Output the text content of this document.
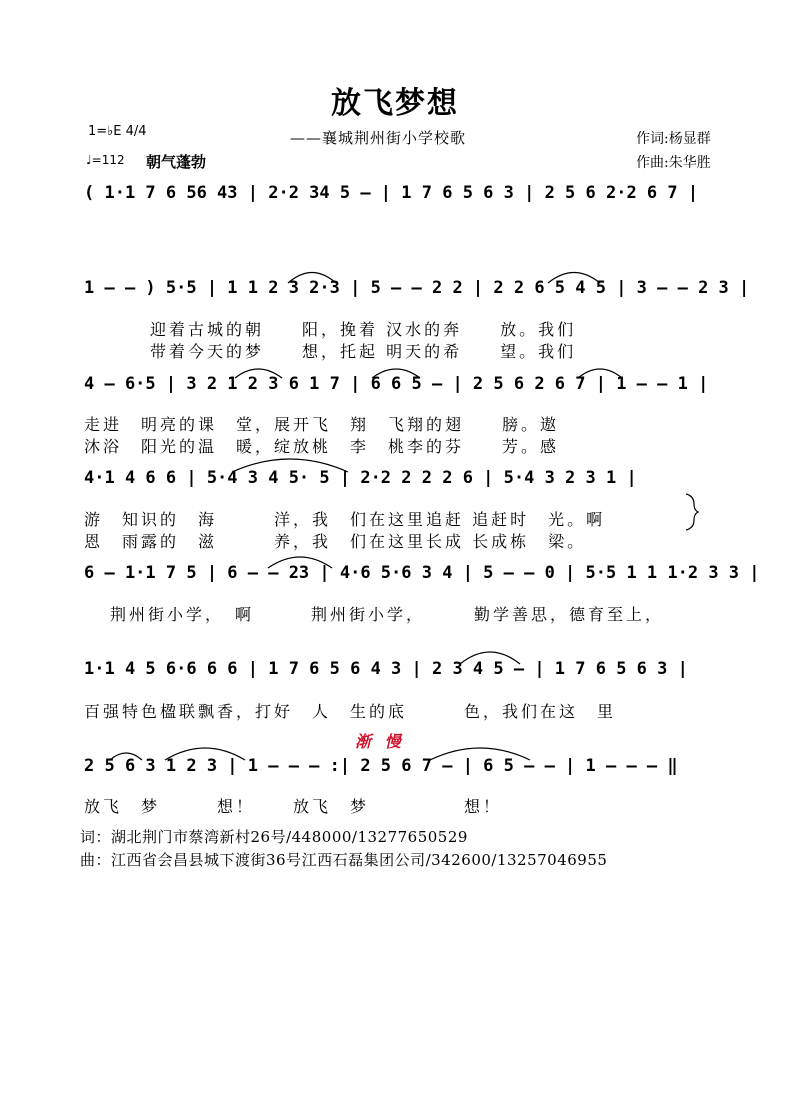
放飞梦想
——襄城荆州街小学校歌	作词:杨显群
作曲:朱华胜
1=♭E 4/4
♩=112 朝气蓬勃
( 1·1 7 6 56 43 | 2·2 34 5 – | 1 7 6 5 6 3 | 2 5 6 2·2 6 7 |
1 – – ) 5·5 | 1 1 2 3 2·3 | 5 – – 2 2 | 2 2 6 5 4 5 | 3 – – 2 3 |
迎着古城的朝　　阳，挽着 汉水的奔　　放。我们
带着今天的梦　　想，托起 明天的希　　望。我们
4 – 6·5 | 3 2 1 2 3 6 1 7 | 6 6 5 – | 2 5 6 2 6 7 | 1 – – 1 |
走进　明亮的课　堂，展开飞　翔　飞翔的翅　　膀。遨
沐浴　阳光的温　暖，绽放桃　李　桃李的芬　　芳。感
4·1 4 6 6 | 5·4 3 4 5· 5 | 2·2 2 2 2 6 | 5·4 3 2 3 1 |
游　知识的　海　　　洋，我　们在这里追赶 追赶时　光。啊
恩　雨露的　滋　　　养，我　们在这里长成 长成栋　梁。
6 – 1·1 7 5 | 6 – – 23 | 4·6 5·6 3 4 | 5 – – 0 | 5·5 1 1 1·2 3 3 |
荆州街小学，　啊　　　荆州街小学，　　　勤学善思，德育至上，
1·1 4 5 6·6 6 6 | 1 7 6 5 6 4 3 | 2 3 4 5 – | 1 7 6 5 6 3 |
百强特色楹联飘香，打好　人　生的底　　　色，我们在这　里
渐 慢
2 5 6 3 1 2 3 | 1 – – – :| 2 5 6 7 – | 6 5 – – | 1 – – – ‖
放飞　梦　　　想！　　放飞　梦　　　　　想！
词：湖北荆门市蔡湾新村26号/448000/13277650529
曲：江西省会昌县城下渡街36号江西石磊集团公司/342600/13257046955
